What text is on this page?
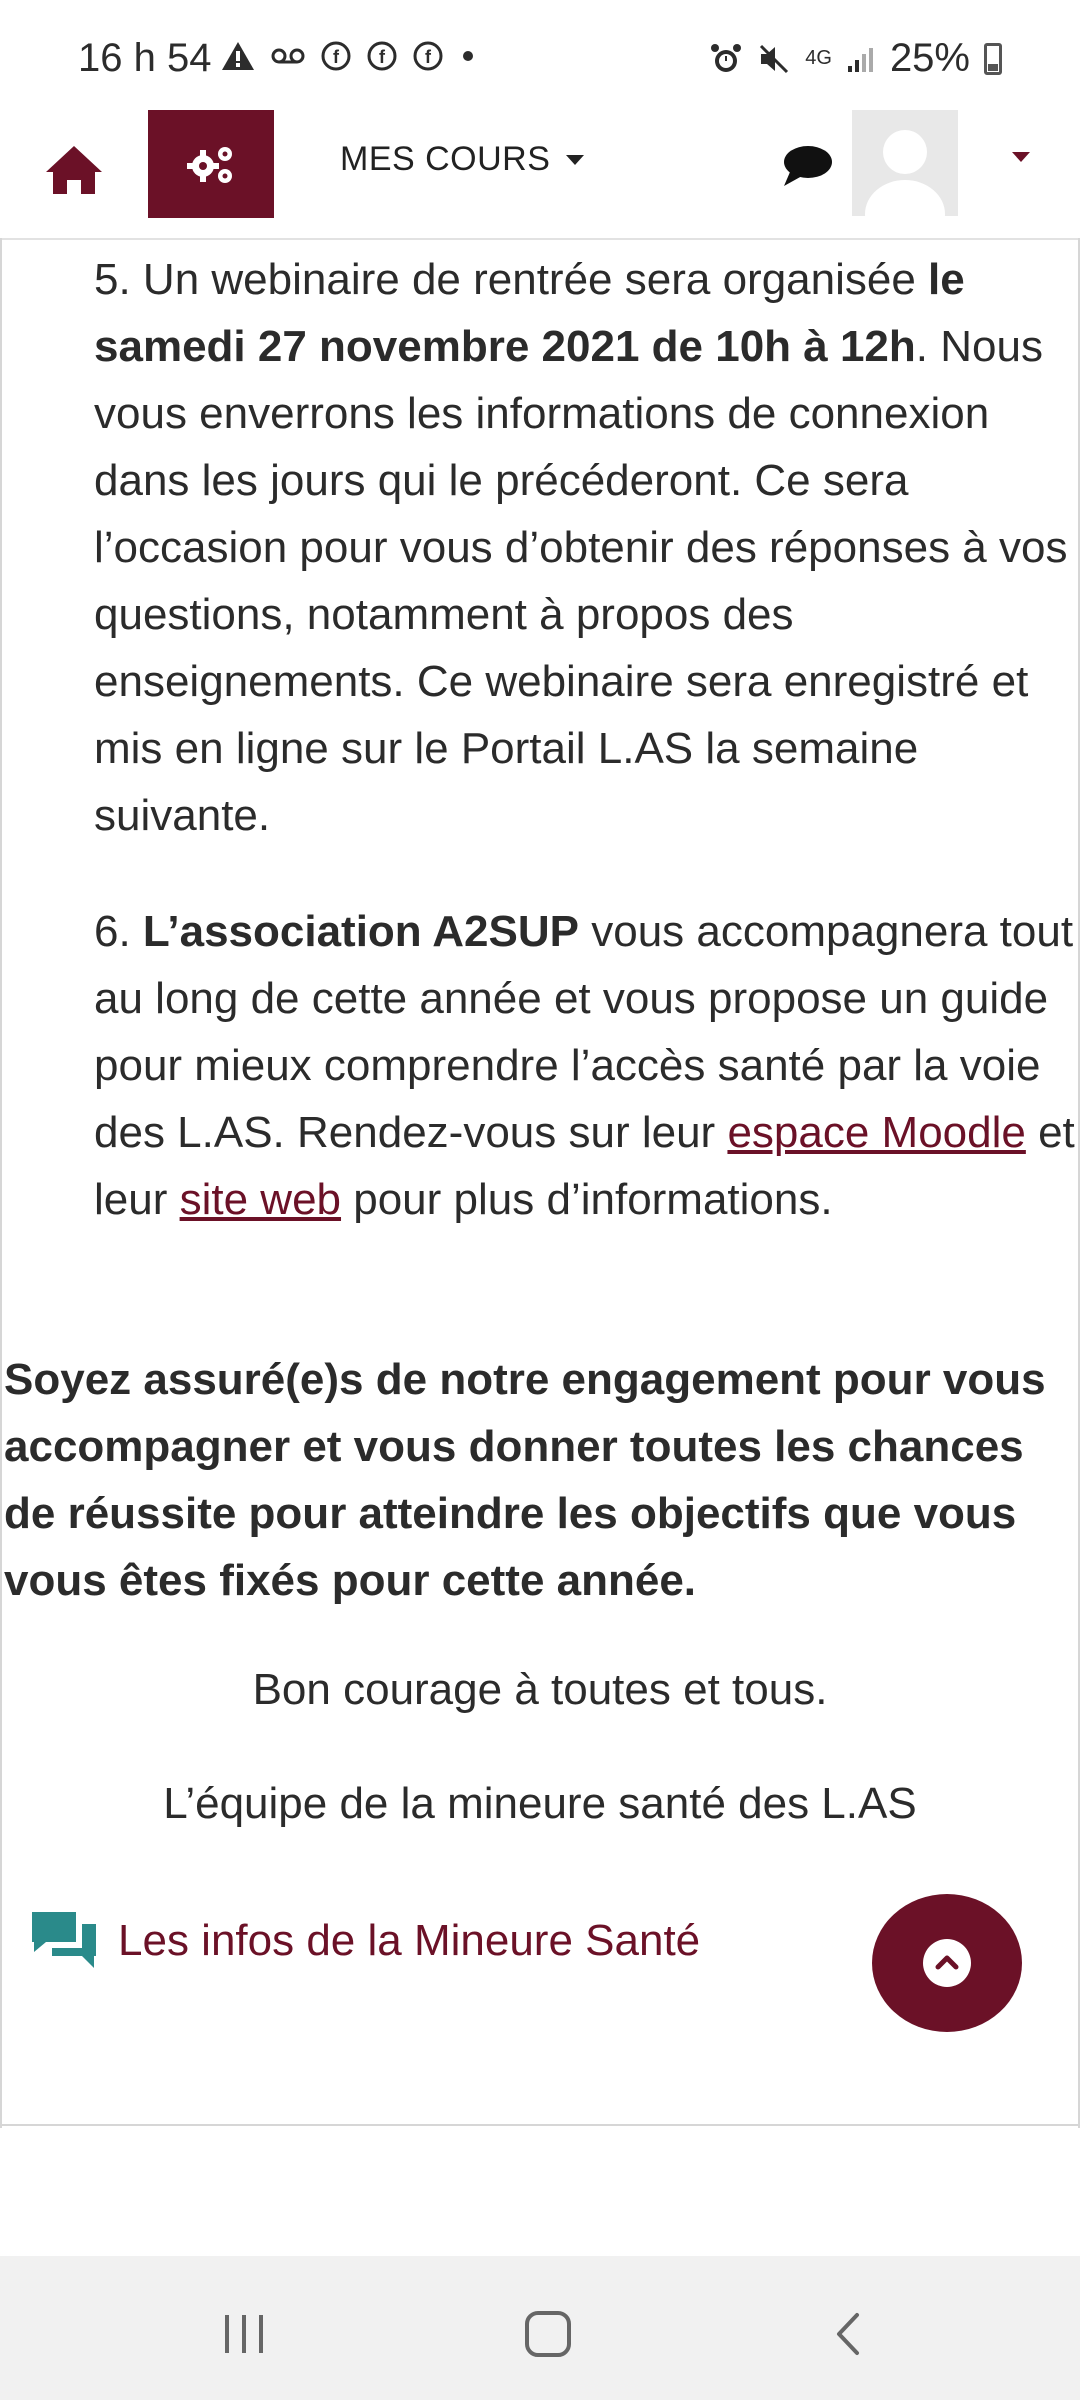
16 h 54	f f f	4G 25%
MES COURS
5. Un webinaire de rentrée sera organisée le samedi 27 novembre 2021 de 10h à 12h. Nous vous enverrons les informations de connexion dans les jours qui le précéderont. Ce sera l’occasion pour vous d’obtenir des réponses à vos questions, notamment à propos des enseignements. Ce webinaire sera enregistré et mis en ligne sur le Portail L.AS la semaine suivante.
6. L’association A2SUP vous accompagnera tout au long de cette année et vous propose un guide pour mieux comprendre l’accès santé par la voie des L.AS. Rendez-vous sur leur espace Moodle et leur site web pour plus d’informations.
Soyez assuré(e)s de notre engagement pour vous accompagner et vous donner toutes les chances de réussite pour atteindre les objectifs que vous vous êtes fixés pour cette année.
Bon courage à toutes et tous.
L’équipe de la mineure santé des L.AS
Les infos de la Mineure Santé
